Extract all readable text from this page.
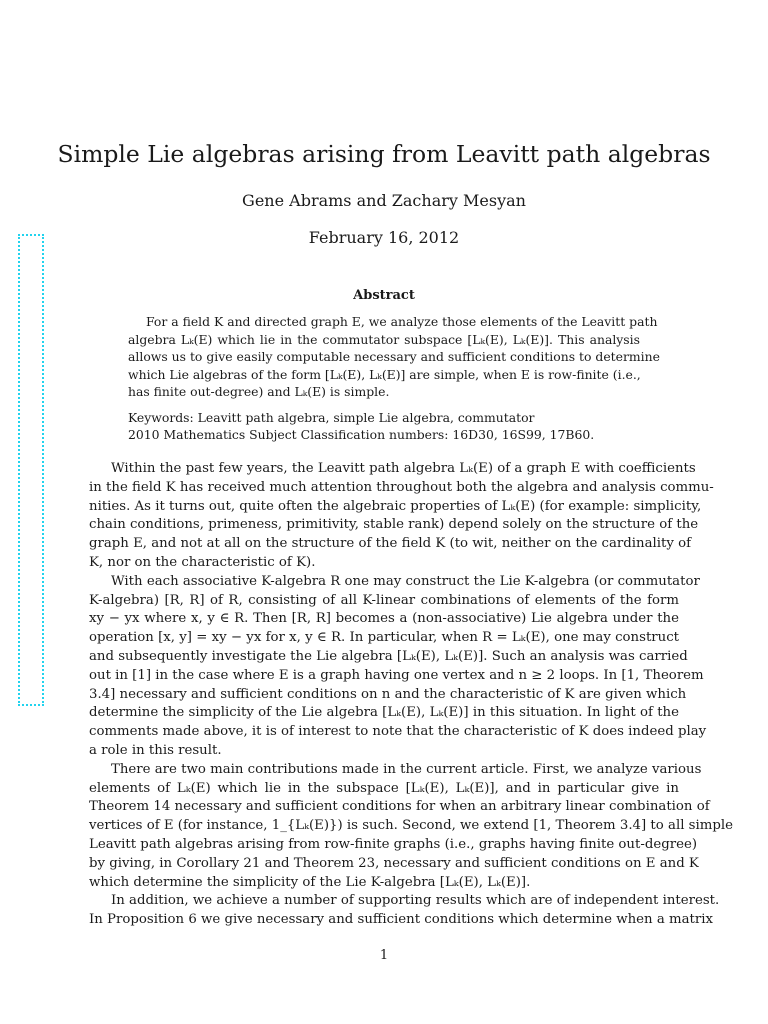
Simple Lie algebras arising from Leavitt path algebras
Gene Abrams and Zachary Mesyan
February 16, 2012
Abstract
For a field K and directed graph E, we analyze those elements of the Leavitt path
algebra Lₖ(E) which lie in the commutator subspace [Lₖ(E), Lₖ(E)]. This analysis
allows us to give easily computable necessary and sufficient conditions to determine
which Lie algebras of the form [Lₖ(E), Lₖ(E)] are simple, when E is row-finite (i.e.,
has finite out-degree) and Lₖ(E) is simple.
Keywords: Leavitt path algebra, simple Lie algebra, commutator
2010 Mathematics Subject Classification numbers: 16D30, 16S99, 17B60.
Within the past few years, the Leavitt path algebra Lₖ(E) of a graph E with coefficients
in the field K has received much attention throughout both the algebra and analysis commu-
nities. As it turns out, quite often the algebraic properties of Lₖ(E) (for example: simplicity,
chain conditions, primeness, primitivity, stable rank) depend solely on the structure of the
graph E, and not at all on the structure of the field K (to wit, neither on the cardinality of
K, nor on the characteristic of K).
With each associative K-algebra R one may construct the Lie K-algebra (or commutator
K-algebra) [R, R] of R, consisting of all K-linear combinations of elements of the form
xy − yx where x, y ∈ R. Then [R, R] becomes a (non-associative) Lie algebra under the
operation [x, y] = xy − yx for x, y ∈ R. In particular, when R = Lₖ(E), one may construct
and subsequently investigate the Lie algebra [Lₖ(E), Lₖ(E)]. Such an analysis was carried
out in [1] in the case where E is a graph having one vertex and n ≥ 2 loops. In [1, Theorem
3.4] necessary and sufficient conditions on n and the characteristic of K are given which
determine the simplicity of the Lie algebra [Lₖ(E), Lₖ(E)] in this situation. In light of the
comments made above, it is of interest to note that the characteristic of K does indeed play
a role in this result.
There are two main contributions made in the current article. First, we analyze various
elements of Lₖ(E) which lie in the subspace [Lₖ(E), Lₖ(E)], and in particular give in
Theorem 14 necessary and sufficient conditions for when an arbitrary linear combination of
vertices of E (for instance, 1_{Lₖ(E)}) is such. Second, we extend [1, Theorem 3.4] to all simple
Leavitt path algebras arising from row-finite graphs (i.e., graphs having finite out-degree)
by giving, in Corollary 21 and Theorem 23, necessary and sufficient conditions on E and K
which determine the simplicity of the Lie K-algebra [Lₖ(E), Lₖ(E)].
In addition, we achieve a number of supporting results which are of independent interest.
In Proposition 6 we give necessary and sufficient conditions which determine when a matrix
1
